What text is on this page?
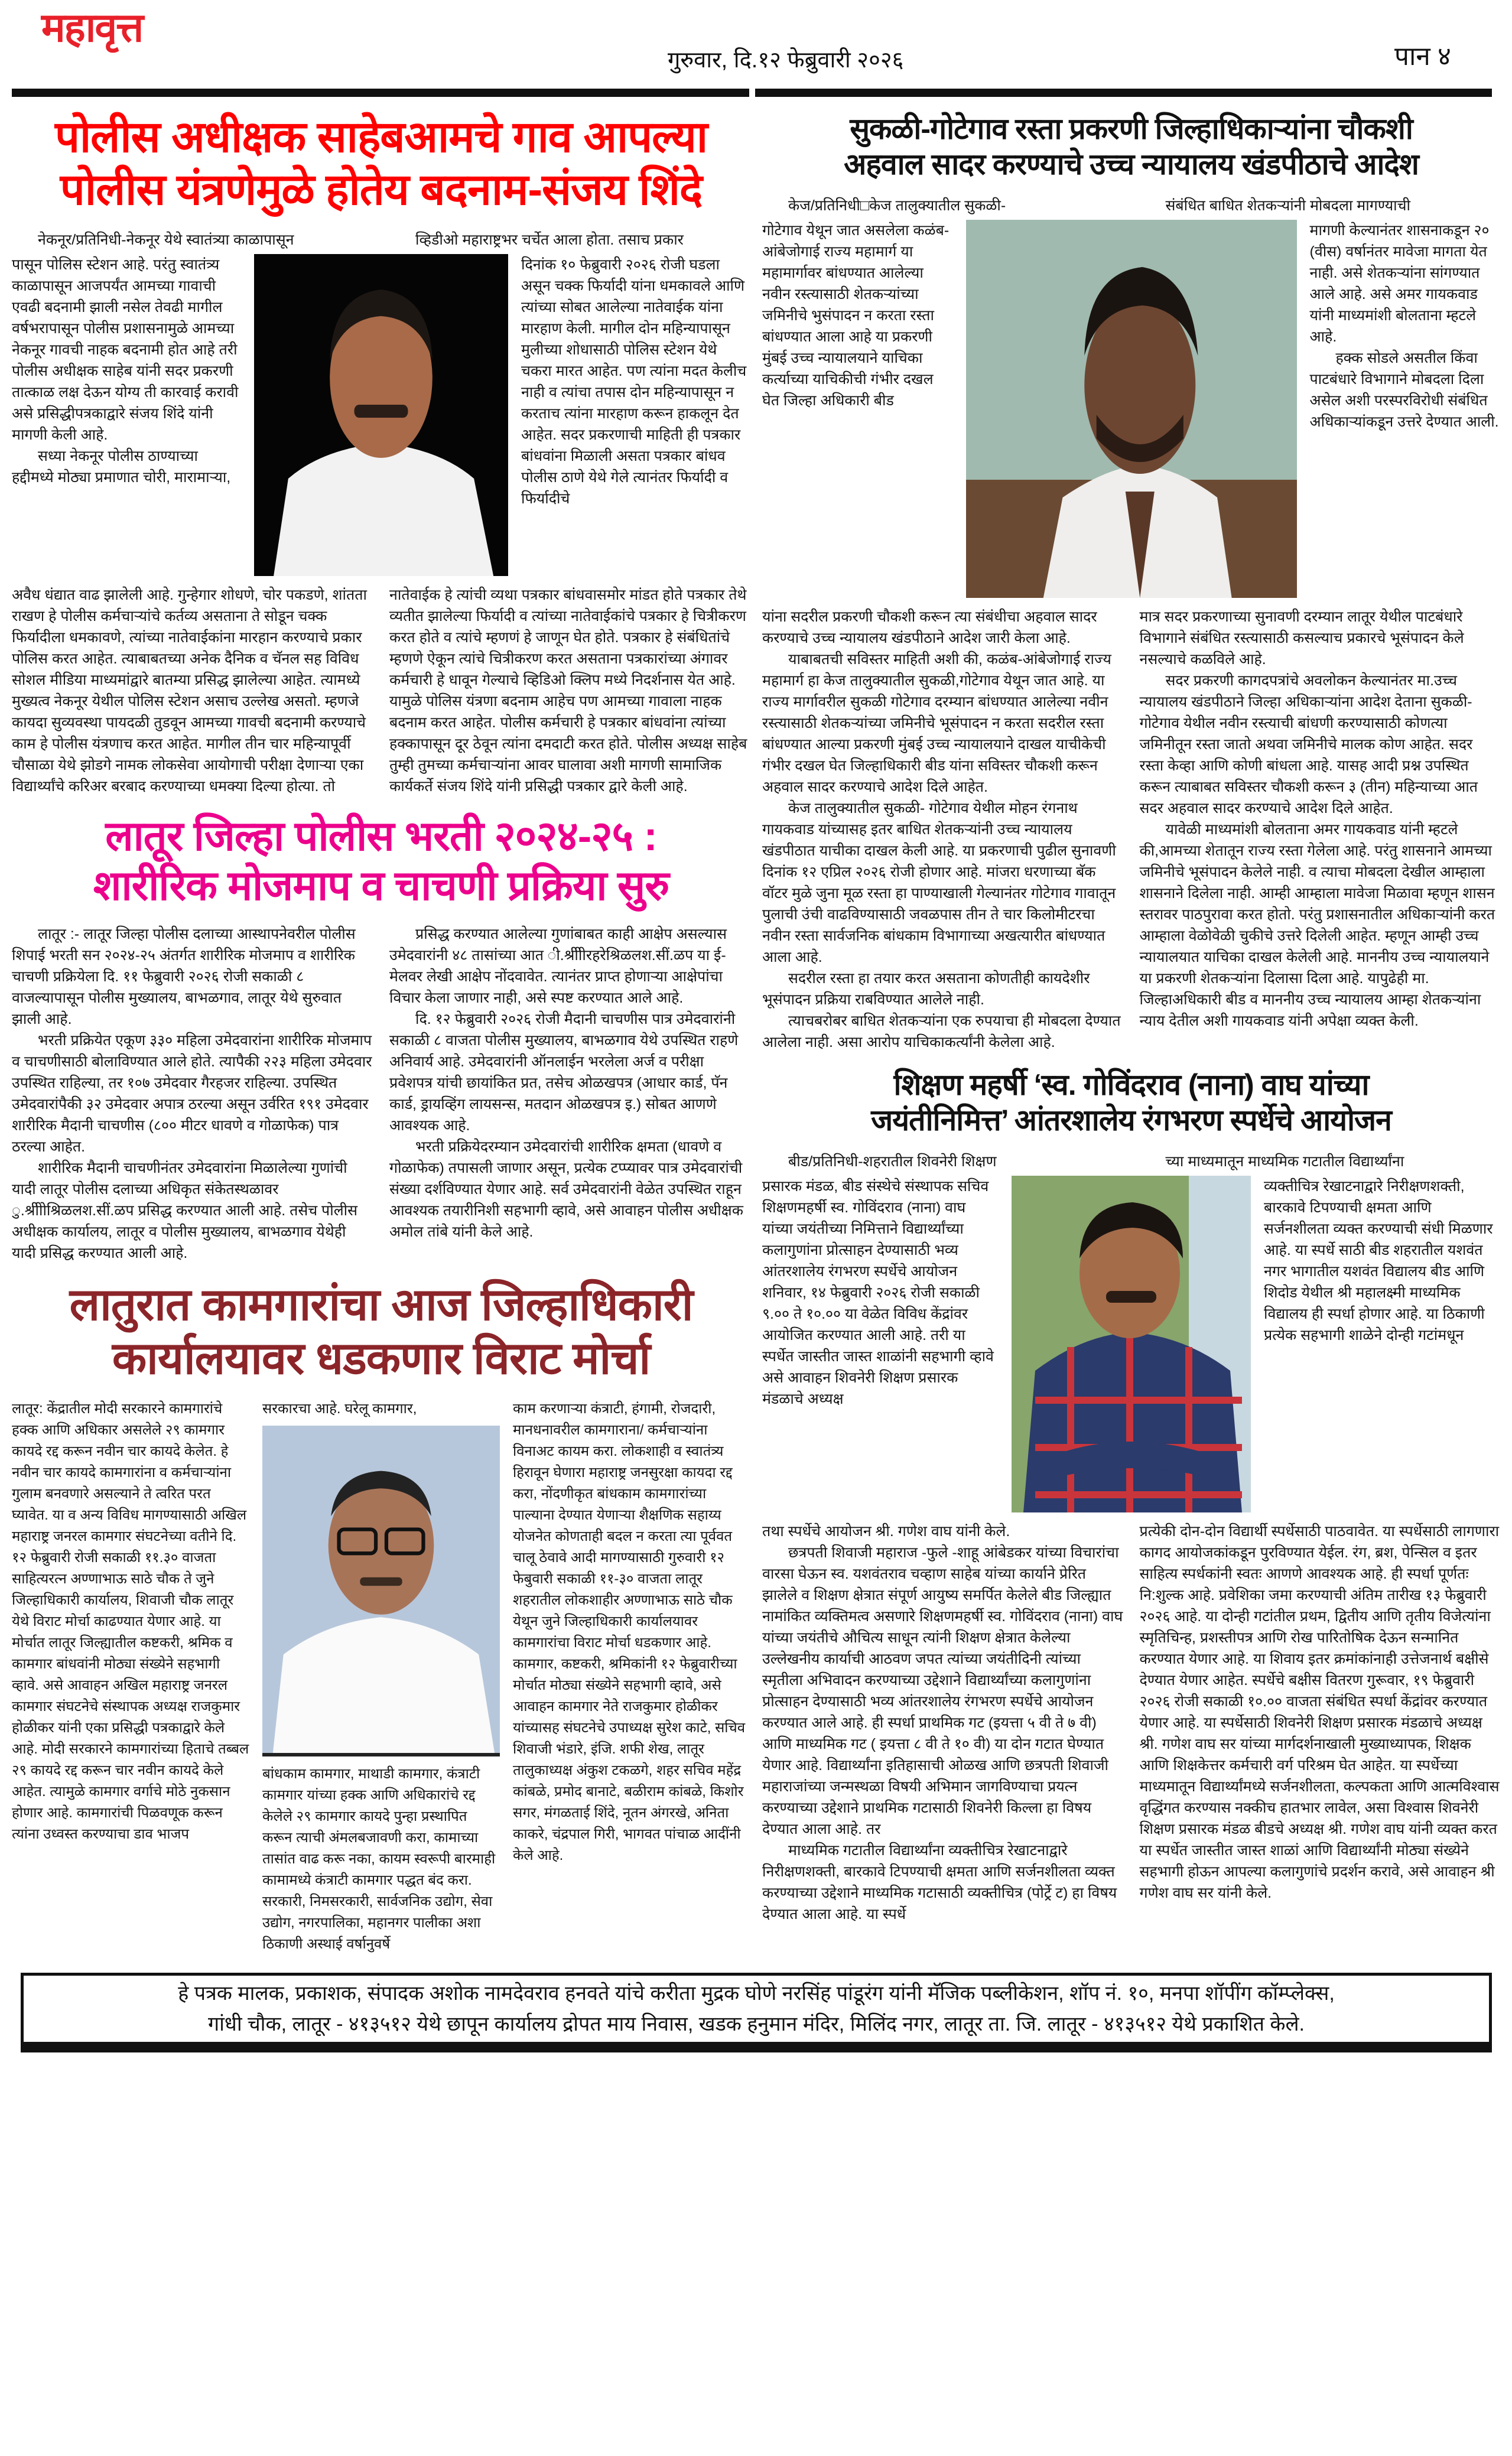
महावृत्त
गुरुवार, दि.१२ फेब्रुवारी २०२६	पान ४
पोलीस अधीक्षक साहेबआमचे गाव आपल्या
पोलीस यंत्रणेमुळे होतेय बदनाम-संजय शिंदे
नेकनूर/प्रतिनिधी-नेकनूर येथे स्वातंत्र्या काळापासून	व्हिडीओ महाराष्ट्रभर चर्चेत आला होता. तसाच प्रकार
पासून पोलिस स्टेशन आहे. परंतु स्वातंत्र्य काळापासून आजपर्यंत आमच्या गावाची एवढी बदनामी झाली नसेल तेवढी मागील वर्षभरापासून पोलीस प्रशासनामुळे आमच्या नेकनूर गावची नाहक बदनामी होत आहे तरी पोलीस अधीक्षक साहेब यांनी सदर प्रकरणी तात्काळ लक्ष देऊन योग्य ती कारवाई करावी असे प्रसिद्धीपत्रकाद्वारे संजय शिंदे यांनी मागणी केली आहे.

सध्या नेकनूर पोलीस ठाण्याच्या हद्दीमध्ये मोठ्या प्रमाणात चोरी, मारामाऱ्या,

दिनांक १० फेब्रुवारी २०२६ रोजी घडला असून चक्क फिर्यादी यांना धमकावले आणि त्यांच्या सोबत आलेल्या नातेवाईक यांना मारहाण केली. मागील दोन महिन्यापासून मुलीच्या शोधासाठी पोलिस स्टेशन येथे चकरा मारत आहेत. पण त्यांना मदत केलीच नाही व त्यांचा तपास दोन महिन्यापासून न करताच त्यांना मारहाण करून हाकलून देत आहेत. सदर प्रकरणाची माहिती ही पत्रकार बांधवांना मिळाली असता पत्रकार बांधव पोलीस ठाणे येथे गेले त्यानंतर फिर्यादी व फिर्यादीचे
अवैध धंद्यात वाढ झालेली आहे. गुन्हेगार शोधणे, चोर पकडणे, शांतता राखण हे पोलीस कर्मचाऱ्यांचे कर्तव्य असताना ते सोडून चक्क फिर्यादीला धमकावणे, त्यांच्या नातेवाईकांना मारहान करण्याचे प्रकार पोलिस करत आहेत. त्याबाबतच्या अनेक दैनिक व चॅनल सह विविध सोशल मीडिया माध्यमांद्वारे बातम्या प्रसिद्ध झालेल्या आहेत. त्यामध्ये मुख्यत्व नेकनूर येथील पोलिस स्टेशन असाच उल्लेख असतो. म्हणजे कायदा सुव्यवस्था पायदळी तुडवून आमच्या गावची बदनामी करण्याचे काम हे पोलीस यंत्रणाच करत आहेत. मागील तीन चार महिन्यापूर्वी चौसाळा येथे झोडगे नामक लोकसेवा आयोगाची परीक्षा देणाऱ्या एका विद्यार्थ्यांचे करिअर बरबाद करण्याच्या धमक्या दिल्या होत्या. तो
नातेवाईक हे त्यांची व्यथा पत्रकार बांधवासमोर मांडत होते पत्रकार तेथे व्यतीत झालेल्या फिर्यादी व त्यांच्या नातेवाईकांचे पत्रकार हे चित्रीकरण करत होते व त्यांचे म्हणणं हे जाणून घेत होते. पत्रकार हे संबंधितांचे म्हणणे ऐकून त्यांचे चित्रीकरण करत असताना पत्रकारांच्या अंगावर कर्मचारी हे धावून गेल्याचे व्हिडिओ क्लिप मध्ये निदर्शनास येत आहे. यामुळे पोलिस यंत्रणा बदनाम आहेच पण आमच्या गावाला नाहक बदनाम करत आहेत. पोलीस कर्मचारी हे पत्रकार बांधवांना त्यांच्या हक्कापासून दूर ठेवून त्यांना दमदाटी करत होते. पोलीस अध्यक्ष साहेब तुम्ही तुमच्या कर्मचाऱ्यांना आवर घालावा अशी मागणी सामाजिक कार्यकर्ते संजय शिंदे यांनी प्रसिद्धी पत्रकार द्वारे केली आहे.
लातूर जिल्हा पोलीस भरती २०२४-२५ :
शारीरिक मोजमाप व चाचणी प्रक्रिया सुरु

लातूर :- लातूर जिल्हा पोलीस दलाच्या आस्थापनेवरील पोलीस शिपाई भरती सन २०२४-२५ अंतर्गत शारीरिक मोजमाप व शारीरिक चाचणी प्रक्रियेला दि. ११ फेब्रुवारी २०२६ रोजी सकाळी ८ वाजल्यापासून पोलीस मुख्यालय, बाभळगाव, लातूर येथे सुरुवात झाली आहे.

भरती प्रक्रियेत एकूण ३३० महिला उमेदवारांना शारीरिक मोजमाप व चाचणीसाठी बोलाविण्यात आले होते. त्यापैकी २२३ महिला उमेदवार उपस्थित राहिल्या, तर १०७ उमेदवार गैरहजर राहिल्या. उपस्थित उमेदवारांपैकी ३२ उमेदवार अपात्र ठरल्या असून उर्वरित १९१ उमेदवार शारीरिक मैदानी चाचणीस (८०० मीटर धावणे व गोळाफेक) पात्र ठरल्या आहेत.

शारीरिक मैदानी चाचणीनंतर उमेदवारांना मिळालेल्या गुणांची यादी लातूर पोलीस दलाच्या अधिकृत संकेतस्थळावर ु.श्रीीोश्रिळलश.सीं.ळप प्रसिद्ध करण्यात आली आहे. तसेच पोलीस अधीक्षक कार्यालय, लातूर व पोलीस मुख्यालय, बाभळगाव येथेही यादी प्रसिद्ध करण्यात आली आहे.

प्रसिद्ध करण्यात आलेल्या गुणांबाबत काही आक्षेप असल्यास उमेदवारांनी ४८ तासांच्या आत ी.श्रीीीरहरेश्रिळलश.सीं.ळप या ई-मेलवर लेखी आक्षेप नोंदवावेत. त्यानंतर प्राप्त होणाऱ्या आक्षेपांचा विचार केला जाणार नाही, असे स्पष्ट करण्यात आले आहे.

दि. १२ फेब्रुवारी २०२६ रोजी मैदानी चाचणीस पात्र उमेदवारांनी सकाळी ८ वाजता पोलीस मुख्यालय, बाभळगाव येथे उपस्थित राहणे अनिवार्य आहे. उमेदवारांनी ऑनलाईन भरलेला अर्ज व परीक्षा प्रवेशपत्र यांची छायांकित प्रत, तसेच ओळखपत्र (आधार कार्ड, पॅन कार्ड, ड्रायव्हिंग लायसन्स, मतदान ओळखपत्र इ.) सोबत आणणे आवश्यक आहे.

भरती प्रक्रियेदरम्यान उमेदवारांची शारीरिक क्षमता (धावणे व गोळाफेक) तपासली जाणार असून, प्रत्येक टप्प्यावर पात्र उमेदवारांची संख्या दर्शविण्यात येणार आहे. सर्व उमेदवारांनी वेळेत उपस्थित राहून आवश्यक तयारीनिशी सहभागी व्हावे, असे आवाहन पोलीस अधीक्षक अमोल तांबे यांनी केले आहे.

लातुरात कामगारांचा आज जिल्हाधिकारी
कार्यालयावर धडकणार विराट मोर्चा
लातूर: केंद्रातील मोदी सरकारने कामगारांचे हक्क आणि अधिकार असलेले २९ कामगार कायदे रद्द करून नवीन चार कायदे केलेत. हे नवीन चार कायदे कामगारांना व कर्मचाऱ्यांना गुलाम बनवणारे असल्याने ते त्वरित परत घ्यावेत. या व अन्य विविध मागण्यासाठी अखिल महाराष्ट्र जनरल कामगार संघटनेच्या वतीने दि. १२ फेब्रुवारी रोजी सकाळी ११.३० वाजता साहित्यरत्न अण्णाभाऊ साठे चौक ते जुने जिल्हाधिकारी कार्यालय, शिवाजी चौक लातूर येथे विराट मोर्चा काढण्यात येणार आहे. या मोर्चात लातूर जिल्ह्यातील कष्टकरी, श्रमिक व कामगार बांधवांनी मोठ्या संख्येने सहभागी व्हावे. असे आवाहन अखिल महाराष्ट्र जनरल कामगार संघटनेचे संस्थापक अध्यक्ष राजकुमार होळीकर यांनी एका प्रसिद्धी पत्रकाद्वारे केले आहे. मोदी सरकारने कामगारांच्या हिताचे तब्बल २९ कायदे रद्द करून चार नवीन कायदे केले आहेत. त्यामुळे कामगार वर्गाचे मोठे नुकसान होणार आहे. कामगारांची पिळवणूक करून त्यांना उध्वस्त करण्याचा डाव भाजप
सरकारचा आहे. घरेलू कामगार,
बांधकाम कामगार, माथाडी कामगार, कंत्राटी कामगार यांच्या हक्क आणि अधिकारांचे रद्द केलेले २९ कामगार कायदे पुन्हा प्रस्थापित करून त्याची अंमलबजावणी करा, कामाच्या तासांत वाढ करू नका, कायम स्वरूपी बारमाही कामामध्ये कंत्राटी कामगार पद्धत बंद करा. सरकारी, निमसरकारी, सार्वजनिक उद्योग, सेवा उद्योग, नगरपालिका, महानगर पालीका अशा ठिकाणी अस्थाई वर्षानुवर्षे
काम करणाऱ्या कंत्राटी, हंगामी, रोजदारी, मानधनावरील कामगाराना/ कर्मचाऱ्यांना विनाअट कायम करा. लोकशाही व स्वातंत्र्य हिरावून घेणारा महाराष्ट्र जनसुरक्षा कायदा रद्द करा, नोंदणीकृत बांधकाम कामगारांच्या पाल्याना देण्यात येणाऱ्या शैक्षणिक सहाय्य योजनेत कोणताही बदल न करता त्या पूर्ववत चालू ठेवावे आदी मागण्यासाठी गुरुवारी १२ फेबुवारी सकाळी ११-३० वाजता लातूर शहरातील लोकशाहीर अण्णाभाऊ साठे चौक येथून जुने जिल्हाधिकारी कार्यालयावर कामगारांचा विराट मोर्चा धडकणार आहे. कामगार, कष्टकरी, श्रमिकांनी १२ फेब्रुवारीच्या मोर्चात मोठ्या संख्येने सहभागी व्हावे, असे आवाहन कामगार नेते राजकुमार होळीकर यांच्यासह संघटनेचे उपाध्यक्ष सुरेश काटे, सचिव शिवाजी भंडारे, इंजि. शफी शेख, लातूर तालुकाध्यक्ष अंकुश टकळगे, शहर सचिव महेंद्र कांबळे, प्रमोद बानाटे, बळीराम कांबळे, किशोर सगर, मंगळताई शिंदे, नूतन अंगरखे, अनिता काकरे, चंद्रपाल गिरी, भागवत पांचाळ आदींनी केले आहे.
सुकळी-गोटेगाव रस्ता प्रकरणी जिल्हाधिकाऱ्यांना चौकशी
अहवाल सादर करण्याचे उच्च न्यायालय खंडपीठाचे आदेश
केज/प्रतिनिधी□केज तालुक्यातील सुकळी-	संबंधित बाधित शेतकऱ्यांनी मोबदला मागण्याची
गोटेगाव येथून जात असलेला कळंब-आंबेजोगाई राज्य महामार्ग या महामार्गावर बांधण्यात आलेल्या नवीन रस्त्यासाठी शेतकऱ्यांच्या जमिनीचे भुसंपादन न करता रस्ता बांधण्यात आला आहे या प्रकरणी मुंबई उच्च न्यायालयाने याचिका कर्त्याच्या याचिकीची गंभीर दखल घेत जिल्हा अधिकारी बीड
मागणी केल्यानंतर शासनाकडून २० (वीस) वर्षानंतर मावेजा मागता येत नाही. असे शेतकऱ्यांना सांगण्यात आले आहे. असे अमर गायकवाड यांनी माध्यमांशी बोलताना म्हटले आहे.

हक्क सोडले असतील किंवा पाटबंधारे विभागाने मोबदला दिला असेल अशी परस्परविरोधी संबंधित अधिकाऱ्यांकडून उत्तरे देण्यात आली.

यांना सदरील प्रकरणी चौकशी करून त्या संबंधीचा अहवाल सादर करण्याचे उच्च न्यायालय खंडपीठाने आदेश जारी केला आहे.

याबाबतची सविस्तर माहिती अशी की, कळंब-आंबेजोगाई राज्य महामार्ग हा केज तालुक्यातील सुकळी,गोटेगाव येथून जात आहे. या राज्य मार्गावरील सुकळी गोटेगाव दरम्यान बांधण्यात आलेल्या नवीन रस्त्यासाठी शेतकऱ्यांच्या जमिनीचे भूसंपादन न करता सदरील रस्ता बांधण्यात आल्या प्रकरणी मुंबई उच्च न्यायालयाने दाखल याचीकेची गंभीर दखल घेत जिल्हाधिकारी बीड यांना सविस्तर चौकशी करून अहवाल सादर करण्याचे आदेश दिले आहेत.

केज तालुक्यातील सुकळी- गोटेगाव येथील मोहन रंगनाथ गायकवाड यांच्यासह इतर बाधित शेतकऱ्यांनी उच्च न्यायालय खंडपीठात याचीका दाखल केली आहे. या प्रकरणाची पुढील सुनावणी दिनांक १२ एप्रिल २०२६ रोजी होणार आहे. मांजरा धरणाच्या बॅक वॉटर मुळे जुना मूळ रस्ता हा पाण्याखाली गेल्यानंतर गोटेगाव गावातून पुलाची उंची वाढविण्यासाठी जवळपास तीन ते चार किलोमीटरचा नवीन रस्ता सार्वजनिक बांधकाम विभागाच्या अखत्यारीत बांधण्यात आला आहे.

सदरील रस्ता हा तयार करत असताना कोणतीही कायदेशीर भूसंपादन प्रक्रिया राबविण्यात आलेले नाही.

त्याचबरोबर बाधित शेतकऱ्यांना एक रुपयाचा ही मोबदला देण्यात आलेला नाही. असा आरोप याचिकाकर्त्यांनी केलेला आहे.

मात्र सदर प्रकरणाच्या सुनावणी दरम्यान लातूर येथील पाटबंधारे विभागाने संबंधित रस्त्यासाठी कसल्याच प्रकारचे भूसंपादन केले नसल्याचे कळविले आहे.

सदर प्रकरणी कागदपत्रांचे अवलोकन केल्यानंतर मा.उच्च न्यायालय खंडपीठाने जिल्हा अधिकाऱ्यांना आदेश देताना सुकळी-गोटेगाव येथील नवीन रस्त्याची बांधणी करण्यासाठी कोणत्या जमिनीतून रस्ता जातो अथवा जमिनीचे मालक कोण आहेत. सदर रस्ता केव्हा आणि कोणी बांधला आहे. यासह आदी प्रश्न उपस्थित करून त्याबाबत सविस्तर चौकशी करून ३ (तीन) महिन्याच्या आत सदर अहवाल सादर करण्याचे आदेश दिले आहेत.

यावेळी माध्यमांशी बोलताना अमर गायकवाड यांनी म्हटले की,आमच्या शेतातून राज्य रस्ता गेलेला आहे. परंतु शासनाने आमच्या जमिनीचे भूसंपादन केलेले नाही. व त्याचा मोबदला देखील आम्हाला शासनाने दिलेला नाही. आम्ही आम्हाला मावेजा मिळावा म्हणून शासन स्तरावर पाठपुरावा करत होतो. परंतु प्रशासनातील अधिकाऱ्यांनी करत आम्हाला वेळोवेळी चुकीचे उत्तरे दिलेली आहेत. म्हणून आम्ही उच्च न्यायालयात याचिका दाखल केलेली आहे. माननीय उच्च न्यायालयाने या प्रकरणी शेतकऱ्यांना दिलासा दिला आहे. यापुढेही मा. जिल्हाअधिकारी बीड व माननीय उच्च न्यायालय आम्हा शेतकऱ्यांना न्याय देतील अशी गायकवाड यांनी अपेक्षा व्यक्त केली.

शिक्षण महर्षी ‘स्व. गोविंदराव (नाना) वाघ यांच्या
जयंतीनिमित्त’ आंतरशालेय रंगभरण स्पर्धेचे आयोजन
बीड/प्रतिनिधी-शहरातील शिवनेरी शिक्षण	च्या माध्यमातून माध्यमिक गटातील विद्यार्थ्यांना
प्रसारक मंडळ, बीड संस्थेचे संस्थापक सचिव शिक्षणमहर्षी स्व. गोविंदराव (नाना) वाघ यांच्या जयंतीच्या निमित्ताने विद्यार्थ्यांच्या कलागुणांना प्रोत्साहन देण्यासाठी भव्य आंतरशालेय रंगभरण स्पर्धेचे आयोजन शनिवार, १४ फेब्रुवारी २०२६ रोजी सकाळी ९.०० ते १०.०० या वेळेत विविध केंद्रांवर आयोजित करण्यात आली आहे. तरी या स्पर्धेत जास्तीत जास्त शाळांनी सहभागी व्हावे असे आवाहन शिवनेरी शिक्षण प्रसारक मंडळाचे अध्यक्ष
व्यक्तीचित्र रेखाटनाद्वारे निरीक्षणशक्ती, बारकावे टिपण्याची क्षमता आणि सर्जनशीलता व्यक्त करण्याची संधी मिळणार आहे. या स्पर्धे साठी बीड शहरातील यशवंत नगर भागातील यशवंत विद्यालय बीड आणि शिदोड येथील श्री महालक्ष्मी माध्यमिक विद्यालय ही स्पर्धा होणार आहे. या ठिकाणी प्रत्येक सहभागी शाळेने दोन्ही गटांमधून
तथा स्पर्धेचे आयोजन श्री. गणेश वाघ यांनी केले.

छत्रपती शिवाजी महाराज -फुले -शाहू आंबेडकर यांच्या विचारांचा वारसा घेऊन स्व. यशवंतराव चव्हाण साहेब यांच्या कार्याने प्रेरित झालेले व शिक्षण क्षेत्रात संपूर्ण आयुष्य समर्पित केलेले बीड जिल्ह्यात नामांकित व्यक्तिमत्व असणारे शिक्षणमहर्षी स्व. गोविंदराव (नाना) वाघ यांच्या जयंतीचे औचित्य साधून त्यांनी शिक्षण क्षेत्रात केलेल्या उल्लेखनीय कार्याची आठवण जपत त्यांच्या जयंतीदिनी त्यांच्या स्मृतीला अभिवादन करण्याच्या उद्देशाने विद्यार्थ्यांच्या कलागुणांना प्रोत्साहन देण्यासाठी भव्य आंतरशालेय रंगभरण स्पर्धेचे आयोजन करण्यात आले आहे. ही स्पर्धा प्राथमिक गट (इयत्ता ५ वी ते ७ वी) आणि माध्यमिक गट ( इयत्ता ८ वी ते १० वी) या दोन गटात घेण्यात येणार आहे. विद्यार्थ्यांना इतिहासाची ओळख आणि छत्रपती शिवाजी महाराजांच्या जन्मस्थळा विषयी अभिमान जागविण्याचा प्रयत्न करण्याच्या उद्देशाने प्राथमिक गटासाठी शिवनेरी किल्ला हा विषय देण्यात आला आहे. तर

माध्यमिक गटातील विद्यार्थ्यांना व्यक्तीचित्र रेखाटनाद्वारे निरीक्षणशक्ती, बारकावे टिपण्याची क्षमता आणि सर्जनशीलता व्यक्त करण्याच्या उद्देशाने माध्यमिक गटासाठी व्यक्तीचित्र (पोर्ट्रे ट) हा विषय देण्यात आला आहे. या स्पर्धे

प्रत्येकी दोन-दोन विद्यार्थी स्पर्धेसाठी पाठवावेत. या स्पर्धेसाठी लागणारा कागद आयोजकांकडून पुरविण्यात येईल. रंग, ब्रश, पेन्सिल व इतर साहित्य स्पर्धकांनी स्वतः आणणे आवश्यक आहे. ही स्पर्धा पूर्णतः नि:शुल्क आहे. प्रवेशिका जमा करण्याची अंतिम तारीख १३ फेब्रुवारी २०२६ आहे. या दोन्ही गटांतील प्रथम, द्वितीय आणि तृतीय विजेत्यांना स्मृतिचिन्ह, प्रशस्तीपत्र आणि रोख पारितोषिक देऊन सन्मानित करण्यात येणार आहे. या शिवाय इतर क्रमांकांनाही उत्तेजनार्थ बक्षीसे देण्यात येणार आहेत. स्पर्धेचे बक्षीस वितरण गुरूवार, १९ फेब्रुवारी २०२६ रोजी सकाळी १०.०० वाजता संबंधित स्पर्धा केंद्रांवर करण्यात येणार आहे. या स्पर्धेसाठी शिवनेरी शिक्षण प्रसारक मंडळाचे अध्यक्ष श्री. गणेश वाघ सर यांच्या मार्गदर्शनाखाली मुख्याध्यापक, शिक्षक आणि शिक्षकेत्तर कर्मचारी वर्ग परिश्रम घेत आहेत. या स्पर्धेच्या माध्यमातून विद्यार्थ्यांमध्ये सर्जनशीलता, कल्पकता आणि आत्मविश्वास वृद्धिंगत करण्यास नक्कीच हातभार लावेल, असा विश्वास शिवनेरी शिक्षण प्रसारक मंडळ बीडचे अध्यक्ष श्री. गणेश वाघ यांनी व्यक्त करत या स्पर्धेत जास्तीत जास्त शाळां आणि विद्यार्थ्यांनी मोठ्या संख्येने सहभागी होऊन आपल्या कलागुणांचे प्रदर्शन करावे, असे आवाहन श्री गणेश वाघ सर यांनी केले.
हे पत्रक मालक, प्रकाशक, संपादक अशोक नामदेवराव हनवते यांचे करीता मुद्रक घोणे नरसिंह पांडूरंग यांनी मॅजिक पब्लीकेशन, शॉप नं. १०, मनपा शॉपींग कॉम्प्लेक्स,
गांधी चौक, लातूर - ४१३५१२ येथे छापून कार्यालय द्रोपत माय निवास, खडक हनुमान मंदिर, मिलिंद नगर, लातूर ता. जि. लातूर - ४१३५१२ येथे प्रकाशित केले.
